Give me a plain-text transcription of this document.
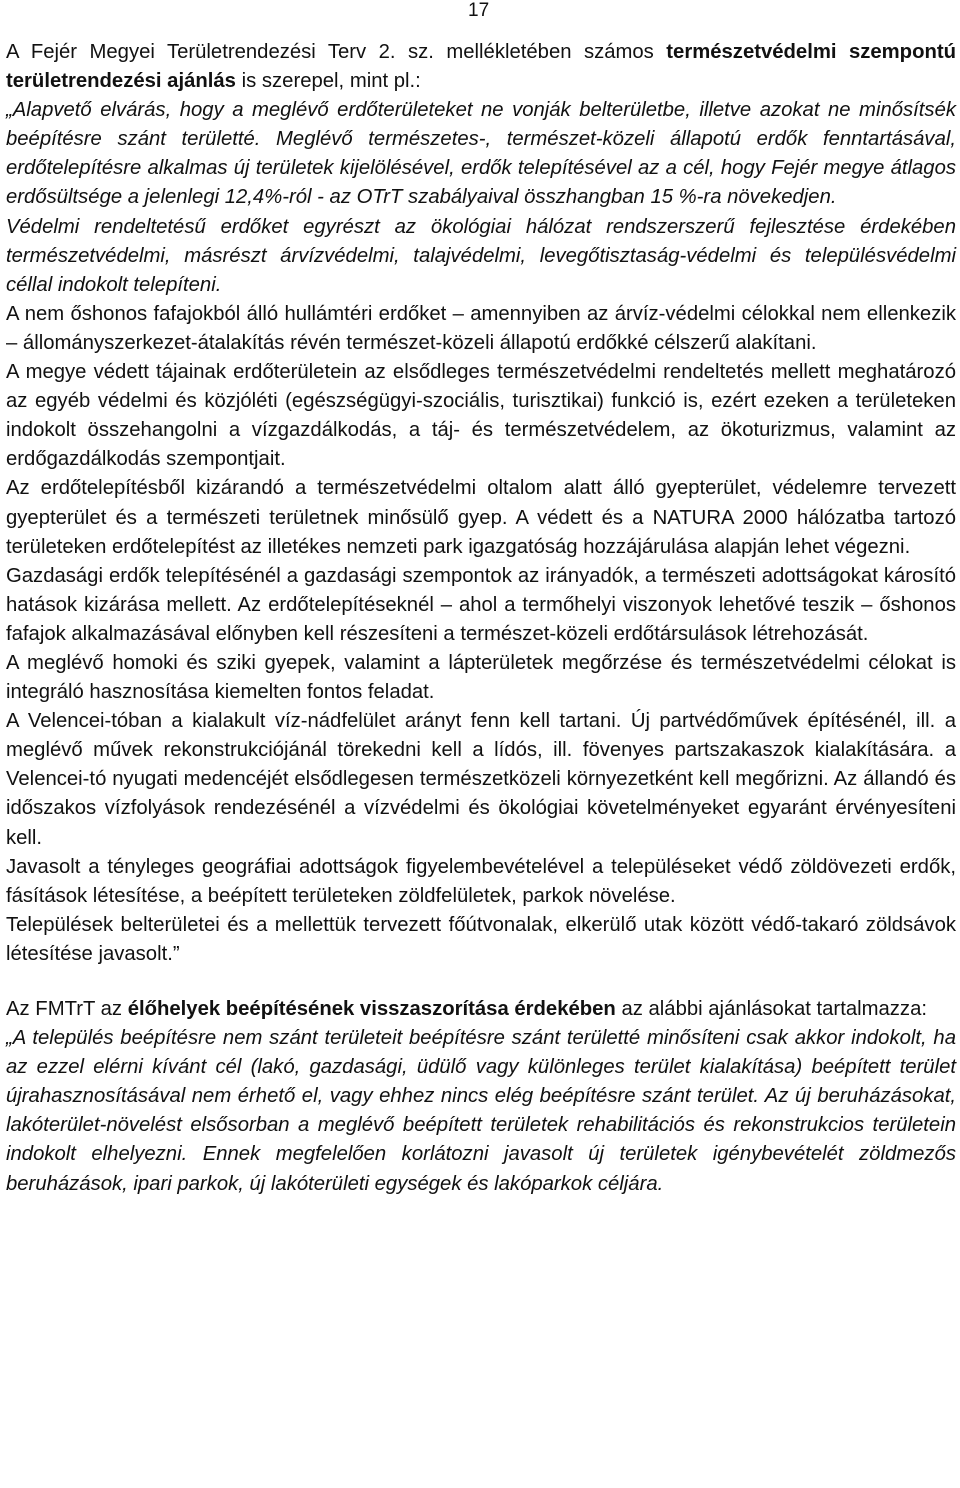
17

A Fejér Megyei Területrendezési Terv 2. sz. mellékletében számos természetvédelmi szempontú területrendezési ajánlás is szerepel, mint pl.:

„Alapvető elvárás, hogy a meglévő erdőterületeket ne vonják belterületbe, illetve azokat ne minősítsék beépítésre szánt területté. Meglévő természetes-, természet-közeli állapotú erdők fenntartásával, erdőtelepítésre alkalmas új területek kijelölésével, erdők telepítésével az a cél, hogy Fejér megye átlagos erdősültsége a jelenlegi 12,4%-ról - az OTrT szabályaival összhangban 15 %-ra növekedjen.

Védelmi rendeltetésű erdőket egyrészt az ökológiai hálózat rendszerszerű fejlesztése érdekében természetvédelmi, másrészt árvízvédelmi, talajvédelmi, levegőtisztaság-védelmi és településvédelmi céllal indokolt telepíteni.

A nem őshonos fafajokból álló hullámtéri erdőket – amennyiben az árvíz-védelmi célokkal nem ellenkezik – állományszerkezet-átalakítás révén természet-közeli állapotú erdőkké célszerű alakítani.

A megye védett tájainak erdőterületein az elsődleges természetvédelmi rendeltetés mellett meghatározó az egyéb védelmi és közjóléti (egészségügyi-szociális, turisztikai) funkció is, ezért ezeken a területeken indokolt összehangolni a vízgazdálkodás, a táj- és természetvédelem, az ökoturizmus, valamint az erdőgazdálkodás szempontjait.

Az erdőtelepítésből kizárandó a természetvédelmi oltalom alatt álló gyepterület, védelemre tervezett gyepterület és a természeti területnek minősülő gyep. A védett és a NATURA 2000 hálózatba tartozó területeken erdőtelepítést az illetékes nemzeti park igazgatóság hozzájárulása alapján lehet végezni.

Gazdasági erdők telepítésénél a gazdasági szempontok az irányadók, a természeti adottságokat károsító hatások kizárása mellett. Az erdőtelepítéseknél – ahol a termőhelyi viszonyok lehetővé teszik – őshonos fafajok alkalmazásával előnyben kell részesíteni a természet-közeli erdőtársulások létrehozását.

A meglévő homoki és sziki gyepek, valamint a lápterületek megőrzése és természetvédelmi célokat is integráló hasznosítása kiemelten fontos feladat.

A Velencei-tóban a kialakult víz-nádfelület arányt fenn kell tartani. Új partvédőművek építésénél, ill. a meglévő művek rekonstrukciójánál törekedni kell a lídós, ill. fövenyes partszakaszok kialakítására. a Velencei-tó nyugati medencéjét elsődlegesen természetközeli környezetként kell megőrizni. Az állandó és időszakos vízfolyások rendezésénél a vízvédelmi és ökológiai követelményeket egyaránt érvényesíteni kell.

Javasolt a tényleges geográfiai adottságok figyelembevételével a településeket védő zöldövezeti erdők, fásítások létesítése, a beépített területeken zöldfelületek, parkok növelése.

Települések belterületei és a mellettük tervezett főútvonalak, elkerülő utak között védő-takaró zöldsávok létesítése javasolt.”

Az FMTrT az élőhelyek beépítésének visszaszorítása érdekében az alábbi ajánlásokat tartalmazza:

„A település beépítésre nem szánt területeit beépítésre szánt területté minősíteni csak akkor indokolt, ha az ezzel elérni kívánt cél (lakó, gazdasági, üdülő vagy különleges terület kialakítása) beépített terület újrahasznosításával nem érhető el, vagy ehhez nincs elég beépítésre szánt terület. Az új beruházásokat, lakóterület-növelést elsősorban a meglévő beépített területek rehabilitációs és rekonstrukcios területein indokolt elhelyezni. Ennek megfelelően korlátozni javasolt új területek igénybevételét zöldmezős beruházások, ipari parkok, új lakóterületi egységek és lakóparkok céljára.
